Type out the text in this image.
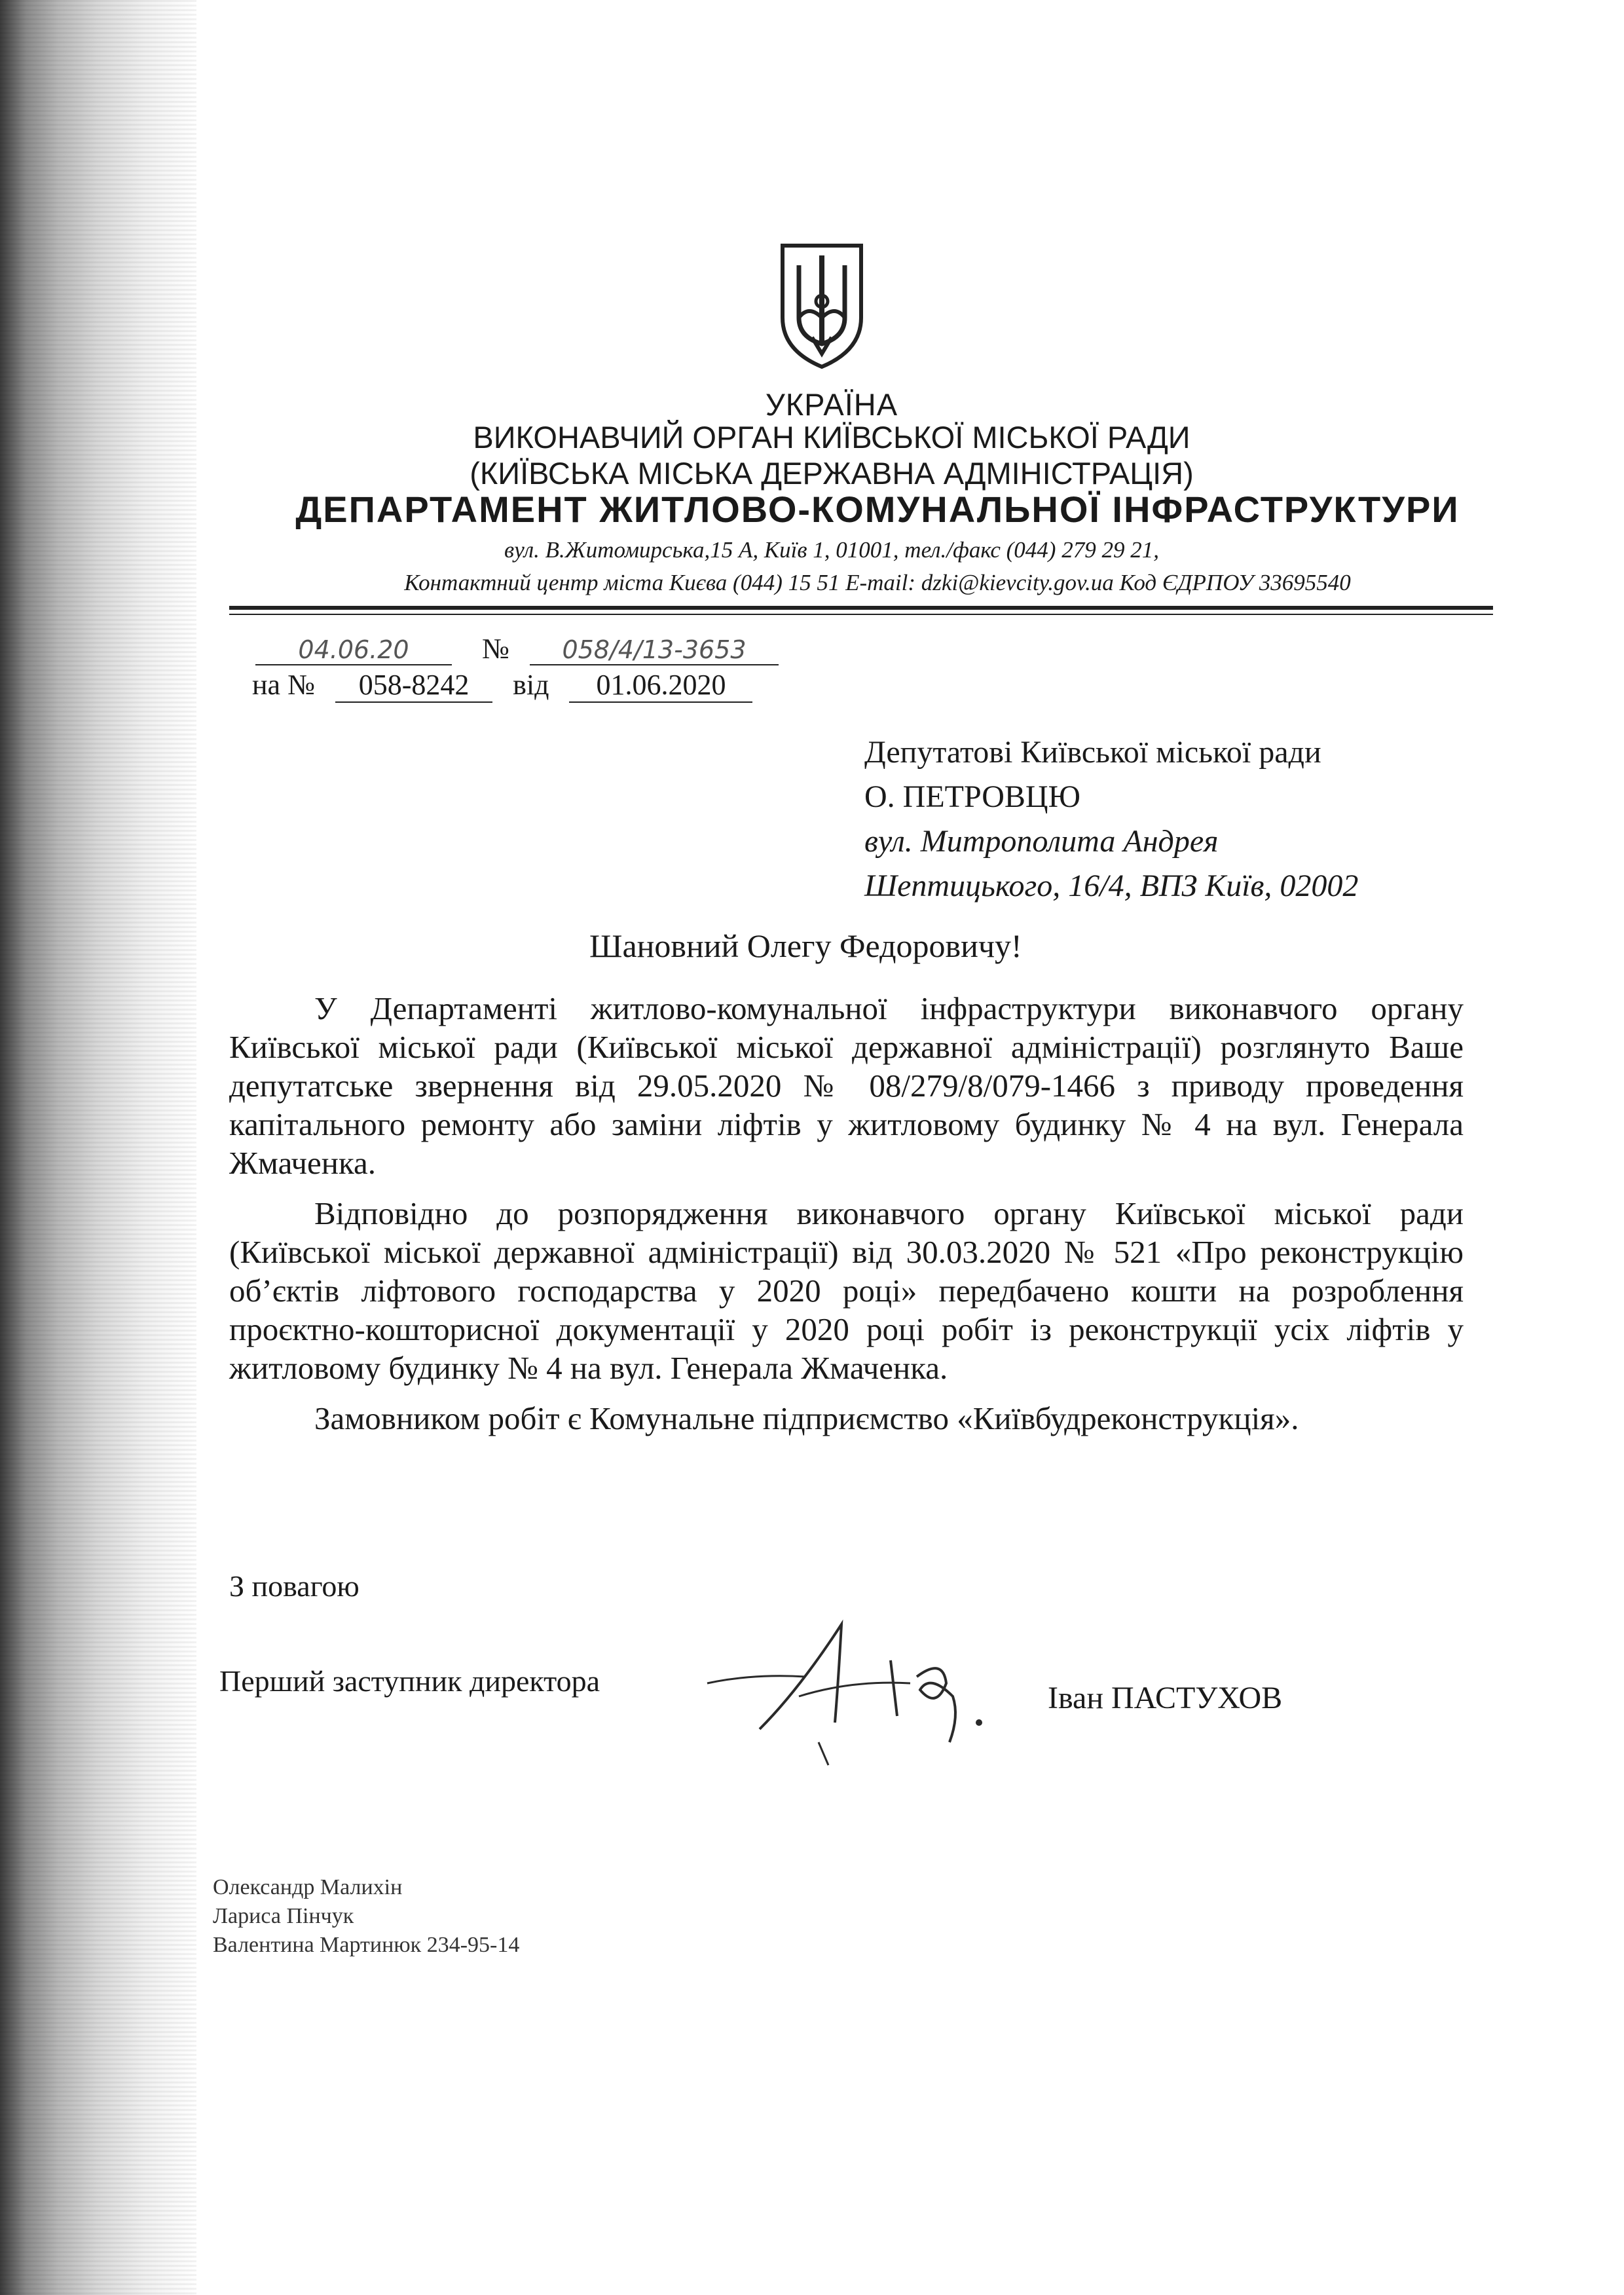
УКРАЇНА
ВИКОНАВЧИЙ ОРГАН КИЇВСЬКОЇ МІСЬКОЇ РАДИ
(КИЇВСЬКА МІСЬКА ДЕРЖАВНА АДМІНІСТРАЦІЯ)
ДЕПАРТАМЕНТ ЖИТЛОВО-КОМУНАЛЬНОЇ ІНФРАСТРУКТУРИ
вул. В.Житомирська,15 А, Київ 1, 01001, тел./факс (044) 279 29 21,
Контактний центр міста Києва (044) 15 51 E-mail: dzki@kievcity.gov.ua Код ЄДРПОУ 33695540
04.06.20	№ 058/4/13-3653
на № 058-8242 від 01.06.2020
Депутатові Київської міської ради
О. ПЕТРОВЦЮ
вул. Митрополита Андрея
Шептицького, 16/4, ВПЗ Київ, 02002
Шановний Олегу Федоровичу!

У Департаменті житлово-комунальної інфраструктури виконавчого органу Київської міської ради (Київської міської державної адміністрації) розглянуто Ваше депутатське звернення від 29.05.2020 № 08/279/8/079-1466 з приводу проведення капітального ремонту або заміни ліфтів у житловому будинку № 4 на вул. Генерала Жмаченка.

Відповідно до розпорядження виконавчого органу Київської міської ради (Київської міської державної адміністрації) від 30.03.2020 № 521 «Про реконструкцію об’єктів ліфтового господарства у 2020 році» передбачено кошти на розроблення проєктно-кошторисної документації у 2020 році робіт із реконструкції усіх ліфтів у житловому будинку № 4 на вул. Генерала Жмаченка.

Замовником робіт є Комунальне підприємство «Київбудреконструкція».

З повагою
Перший заступник директора	Іван ПАСТУХОВ
Олександр Малихін
Лариса Пінчук
Валентина Мартинюк 234-95-14
